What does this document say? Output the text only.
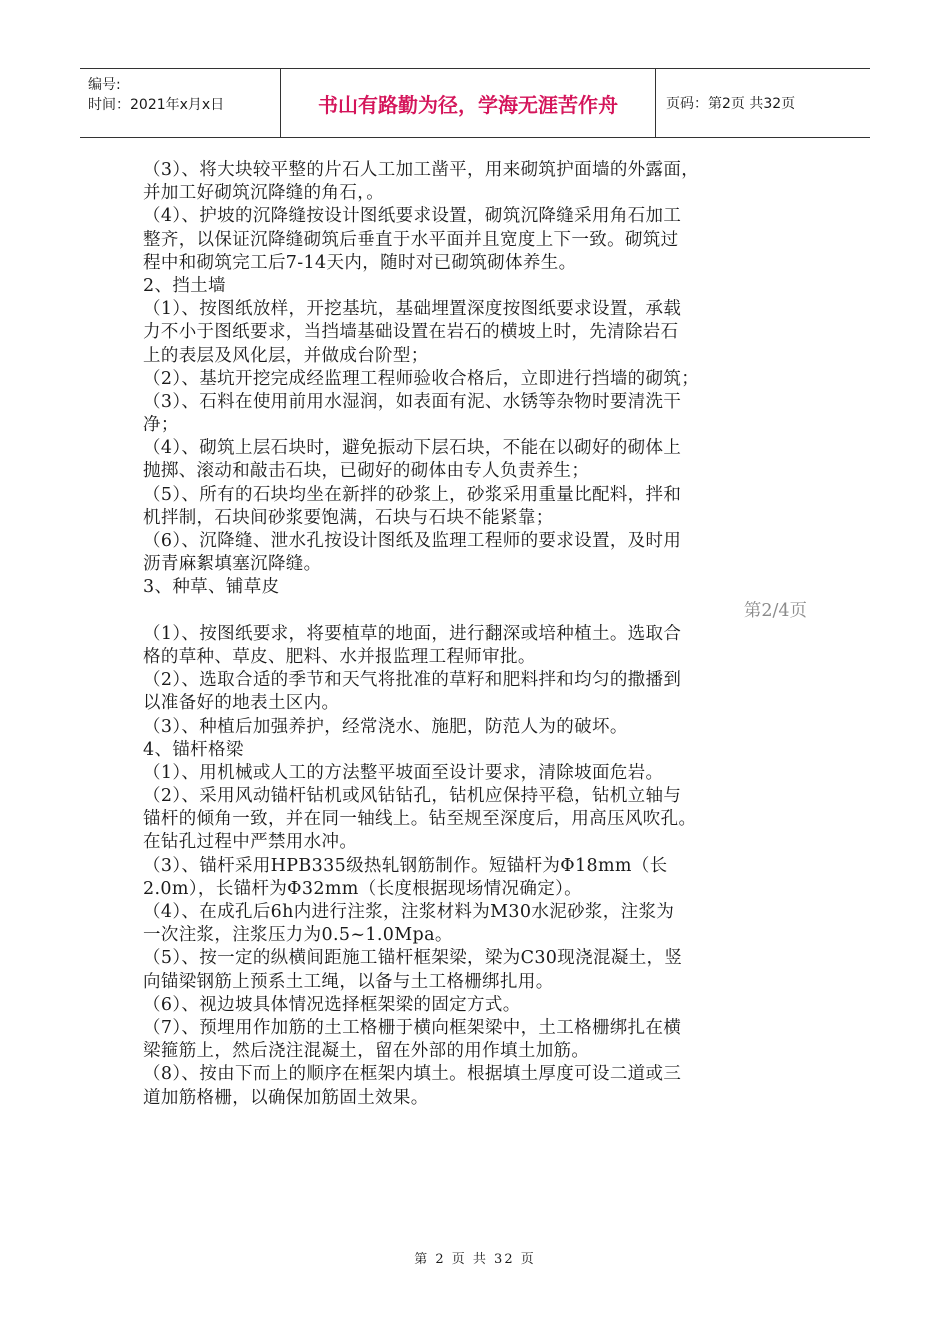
编号:
时间：2021年x月x日	书山有路勤为径，学海无涯苦作舟	页码：第2页 共32页
（3）、将大块较平整的片石人工加工凿平，用来砌筑护面墙的外露面，
并加工好砌筑沉降缝的角石，。
（4）、护坡的沉降缝按设计图纸要求设置，砌筑沉降缝采用角石加工
整齐，以保证沉降缝砌筑后垂直于水平面并且宽度上下一致。砌筑过
程中和砌筑完工后7-14天内，随时对已砌筑砌体养生。
2、挡土墙
（1）、按图纸放样，开挖基坑，基础埋置深度按图纸要求设置，承载
力不小于图纸要求，当挡墙基础设置在岩石的横坡上时，先清除岩石
上的表层及风化层，并做成台阶型；
（2）、基坑开挖完成经监理工程师验收合格后，立即进行挡墙的砌筑；
（3）、石料在使用前用水湿润，如表面有泥、水锈等杂物时要清洗干
净；
（4）、砌筑上层石块时，避免振动下层石块，不能在以砌好的砌体上
抛掷、滚动和敲击石块，已砌好的砌体由专人负责养生；
（5）、所有的石块均坐在新拌的砂浆上，砂浆采用重量比配料，拌和
机拌制，石块间砂浆要饱满，石块与石块不能紧靠；
（6）、沉降缝、泄水孔按设计图纸及监理工程师的要求设置，及时用
沥青麻絮填塞沉降缝。
3、种草、铺草皮
第2/4页
（1）、按图纸要求，将要植草的地面，进行翻深或培种植土。选取合
格的草种、草皮、肥料、水并报监理工程师审批。
（2）、选取合适的季节和天气将批准的草籽和肥料拌和均匀的撒播到
以准备好的地表土区内。
（3）、种植后加强养护，经常浇水、施肥，防范人为的破坏。
4、锚杆格梁
（1）、用机械或人工的方法整平坡面至设计要求，清除坡面危岩。
（2）、采用风动锚杆钻机或风钻钻孔，钻机应保持平稳，钻机立轴与
锚杆的倾角一致，并在同一轴线上。钻至规至深度后，用高压风吹孔。
在钻孔过程中严禁用水冲。
（3）、锚杆采用HPB335级热轧钢筋制作。短锚杆为Φ18mm（长
2.0m），长锚杆为Φ32mm（长度根据现场情况确定）。
（4）、在成孔后6h内进行注浆，注浆材料为M30水泥砂浆，注浆为
一次注浆，注浆压力为0.5~1.0Mpa。
（5）、按一定的纵横间距施工锚杆框架梁，梁为C30现浇混凝土，竖
向锚梁钢筋上预系土工绳，以备与土工格栅绑扎用。
（6）、视边坡具体情况选择框架梁的固定方式。
（7）、预埋用作加筋的土工格栅于横向框架梁中，土工格栅绑扎在横
梁箍筋上，然后浇注混凝土，留在外部的用作填土加筋。
（8）、按由下而上的顺序在框架内填土。根据填土厚度可设二道或三
道加筋格栅，以确保加筋固土效果。
第 2 页 共 32 页
